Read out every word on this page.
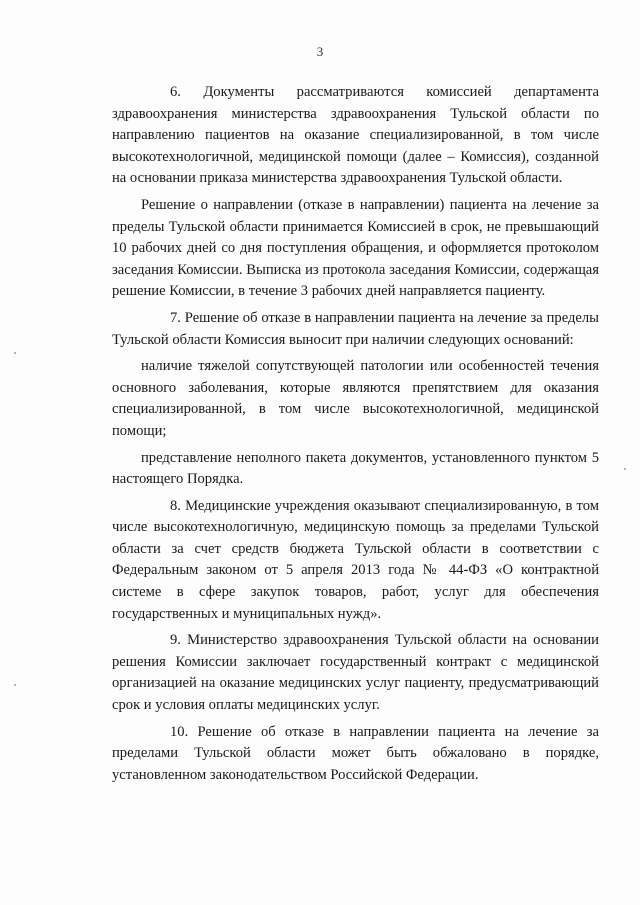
3

6. Документы рассматриваются комиссией департамента здравоохранения министерства здравоохранения Тульской области по направлению пациентов на оказание специализированной, в том числе высокотехнологичной, медицинской помощи (далее – Комиссия), созданной на основании приказа министерства здравоохранения Тульской области.

Решение о направлении (отказе в направлении) пациента на лечение за пределы Тульской области принимается Комиссией в срок, не превышающий 10 рабочих дней со дня поступления обращения, и оформляется протоколом заседания Комиссии. Выписка из протокола заседания Комиссии, содержащая решение Комиссии, в течение 3 рабочих дней направляется пациенту.

7. Решение об отказе в направлении пациента на лечение за пределы Тульской области Комиссия выносит при наличии следующих оснований:

наличие тяжелой сопутствующей патологии или особенностей течения основного заболевания, которые являются препятствием для оказания специализированной, в том числе высокотехнологичной, медицинской помощи;

представление неполного пакета документов, установленного пунктом 5 настоящего Порядка.

8. Медицинские учреждения оказывают специализированную, в том числе высокотехнологичную, медицинскую помощь за пределами Тульской области за счет средств бюджета Тульской области в соответствии с Федеральным законом от 5 апреля 2013 года № 44-ФЗ «О контрактной системе в сфере закупок товаров, работ, услуг для обеспечения государственных и муниципальных нужд».

9. Министерство здравоохранения Тульской области на основании решения Комиссии заключает государственный контракт с медицинской организацией на оказание медицинских услуг пациенту, предусматривающий срок и условия оплаты медицинских услуг.

10. Решение об отказе в направлении пациента на лечение за пределами Тульской области может быть обжаловано в порядке, установленном законодательством Российской Федерации.
